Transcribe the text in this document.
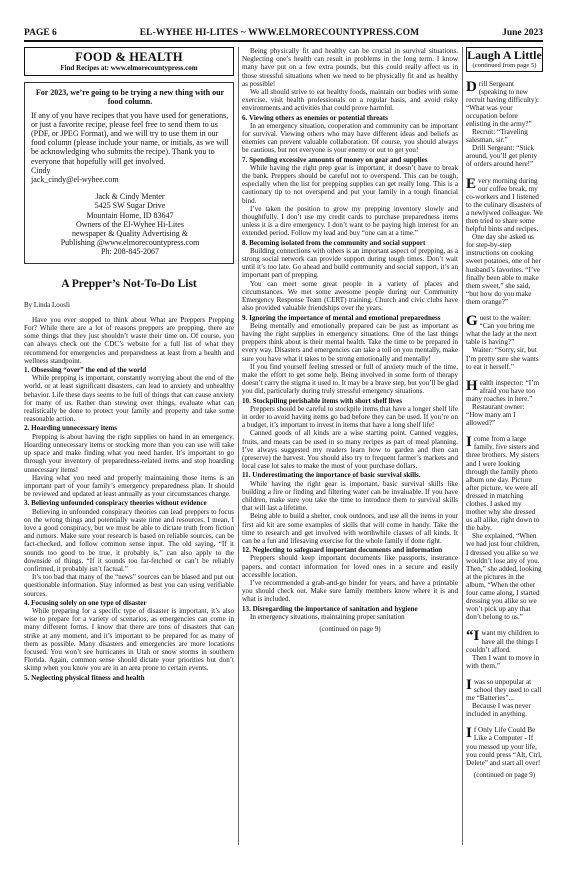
PAGE 6	EL-WYHEE HI-LITES ~ WWW.ELMORECOUNTYPRESS.COM	June 2023
FOOD & HEALTH
Find Recipes at: www.elmorecountypress.com
For 2023, we’re going to be trying a new thing with our food column.
If any of you have recipes that you have used for generations, or just a favorite recipe, please feel free to send them to us (PDF, or JPEG Format), and we will try to use them in our food column (please include your name, or initials, as we will be acknowledging who submits the recipe). Thank you to everyone that hopefully will get involved.
Cindy
jack_cindy@el-wyhee.com
Jack & Cindy Menter
5425 SW Sugar Drive
Mountain Home, ID 83647
Owners of the El-Wyhee Hi-Lites
newspaper & Quality Advertising &
Publishing @www.elmorecountypress.com
Ph: 208-845-2067
A Prepper’s Not-To-Do List
By Linda Loosli

Have you ever stopped to think about What are Preppers Prepping For? While there are a lot of reasons preppers are prepping, there are some things that they just shouldn’t waste their time on. Of course, you can always check out the CDC’s website for a full list of what they recommend for emergencies and preparedness at least from a health and wellness standpoint.

1. Obsessing “over” the end of the world

While prepping is important, constantly worrying about the end of the world, or at least significant disasters, can lead to anxiety and unhealthy behavior. Life these days seems to be full of things that can cause anxiety for many of us. Rather than stewing over things, evaluate what can realistically be done to protect your family and property and take some reasonable action.

2. Hoarding unnecessary items

Prepping is about having the right supplies on hand in an emergency. Hoarding unnecessary items or stocking more than you can use will take up space and make finding what you need harder. It’s important to go through your inventory of preparedness-related items and stop hoarding unnecessary items!

Having what you need and properly maintaining those items is an important part of your family’s emergency preparedness plan. It should be reviewed and updated at least annually as your circumstances change.

3. Believing unfounded conspiracy theories without evidence

Believing in unfounded conspiracy theories can lead preppers to focus on the wrong things and potentially waste time and resources. I mean, I love a good conspiracy, but we must be able to dictate truth from fiction and rumors. Make sure your research is based on reliable sources, can be fact-checked, and follow common sense input. The old saying, “If it sounds too good to be true, it probably is,” can also apply to the downside of things, “If it sounds too far-fetched or can’t be reliably confirmed, it probably isn’t factual.”

It’s too bad that many of the “news” sources can be biased and put out questionable information. Stay informed as best you can using verifiable sources.

4. Focusing solely on one type of disaster

While preparing for a specific type of disaster is important, it’s also wise to prepare for a variety of scenarios, as emergencies can come in many different forms. I know that there are tons of disasters that can strike at any moment, and it’s important to be prepared for as many of them as possible. Many disasters and emergencies are more locations focused. You won’t see hurricanes in Utah or snow storms in southern Florida. Again, common sense should dictate your priorities but don’t skimp when you know you are in an area prone to certain events.

5. Neglecting physical fitness and health

Being physically fit and healthy can be crucial in survival situations. Neglecting one’s health can result in problems in the long term. I know many have put on a few extra pounds, but this could really affect us in those stressful situations when we need to be physically fit and as healthy as possible!

We all should strive to eat healthy foods, maintain our bodies with some exercise, visit health professionals on a regular basis, and avoid risky environments and activities that could prove harmful.

6. Viewing others as enemies or potential threats

In an emergency situation, cooperation and community can be important for survival. Viewing others who may have different ideas and beliefs as enemies can prevent valuable collaboration. Of course, you should always be cautious, but not everyone is your enemy or out to get you!

7. Spending excessive amounts of money on gear and supplies

While having the right prep gear is important, it doesn’t have to break the bank. Preppers should be careful not to overspend. This can be tough, especially when the list for prepping supplies can get really long. This is a cautionary tip to not overspend and put your family in a tough financial bind.

I’ve taken the position to grow my prepping inventory slowly and thoughtfully. I don’t use my credit cards to purchase preparedness items unless it is a dire emergency. I don’t want to be paying high interest for an extended period. Follow my lead and buy “one can at a time.”

8. Becoming isolated from the community and social support

Building connections with others is an important aspect of prepping, as a strong social network can provide support during tough times. Don’t wait until it’s too late. Go ahead and build community and social support, it’s an important part of prepping.

You can meet some great people in a variety of places and circumstances. We met some awesome people during our Community Emergency Response Team (CERT) training. Church and civic clubs have also provided valuable friendships over the years.

9. Ignoring the importance of mental and emotional preparedness

Being mentally and emotionally prepared can be just as important as having the right supplies in emergency situations. One of the last things preppers think about is their mental health. Take the time to be prepared in every way. Disasters and emergencies can take a toll on you mentally, make sure you have what it takes to be strong emotionally and mentally!

If you find yourself feeling stressed or full of anxiety much of the time, make the effort to get some help. Being involved in some form of therapy doesn’t carry the stigma it used to. It may be a brave step, but you’ll be glad you did, particularly during truly stressful emergency situations.

10. Stockpiling perishable items with short shelf lives

Preppers should be careful to stockpile items that have a longer shelf life in order to avoid having items go bad before they can be used. If you’re on a budget, it’s important to invest in items that have a long shelf life!

Canned goods of all kinds are a wise starting point. Canned veggies, fruits, and meats can be used in so many recipes as part of meal planning. I’ve always suggested my readers learn how to garden and then can (preserve) the harvest. You should also try to frequent farmer’s markets and local case lot sales to make the most of your purchase dollars.

11. Underestimating the importance of basic survival skills.

While having the right gear is important, basic survival skills like building a fire or finding and filtering water can be invaluable. If you have children, make sure you take the time to introduce them to survival skills that will last a lifetime.

Being able to build a shelter, cook outdoors, and use all the items in your first aid kit are some examples of skills that will come in handy. Take the time to research and get involved with worthwhile classes of all kinds. It can be a fun and lifesaving exercise for the whole family if done right.

12. Neglecting to safeguard important documents and information

Preppers should keep important documents like passports, insurance papers, and contact information for loved ones in a secure and easily accessible location.

I’ve recommended a grab-and-go binder for years, and have a printable you should check out. Make sure family members know where it is and what is included.

13. Disregarding the importance of sanitation and hygiene

In emergency situations, maintaining proper sanitation

(continued on page 9)
Laugh A Little
(continued from page 5)

Drill Sergeant (speaking to new recruit having difficulty): “What was your occupation before enlisting in the army?”

Recruit: “Traveling salesman, sir.”

Drill Sergeant: “Stick around, you’ll get plenty of orders around here!”

Every morning during our coffee break, my co-workers and I listened to the culinary disasters of a newlywed colleague. We then tried to share some helpful hints and recipes.

One day she asked us for step-by-step instructions on cooking sweet potatoes, one of her husband’s favorites. “I’ve finally been able to make them sweet,” she said, “but how do you make them orange?”

Guest to the waiter: “Can you bring me what the lady at the next table is having?”

Waiter: “Sorry, sir, but I’m pretty sure she wants to eat it herself.”

Health inspector: “I’m afraid you have too many roaches in here.”

Restaurant owner: “How many am I allowed?”

Icome from a large family, five sisters and three brothers. My sisters and I were looking through the family photo album one day. Picture after picture, we were all dressed in matching clothes. I asked my mother why she dressed us all alike, right down to the baby.

She explained, “When we had just four children, I dressed you alike so we wouldn’t lose any of you. Then,” she added, looking at the pictures in the album, “When the other four came along, I started dressing you alike so we won’t pick up any that don’t belong to us.”

“Iwant my children to have all the things I couldn’t afford.

Then I want to move in with them.”

Iwas so unpopular at school they used to call me “Batteries”...

Because I was never included in anything.

If Only Life Could Be Like a Computer - If you messed up your life, you could press “Alt, Ctrl, Delete” and start all over!

(continued on page 9)
